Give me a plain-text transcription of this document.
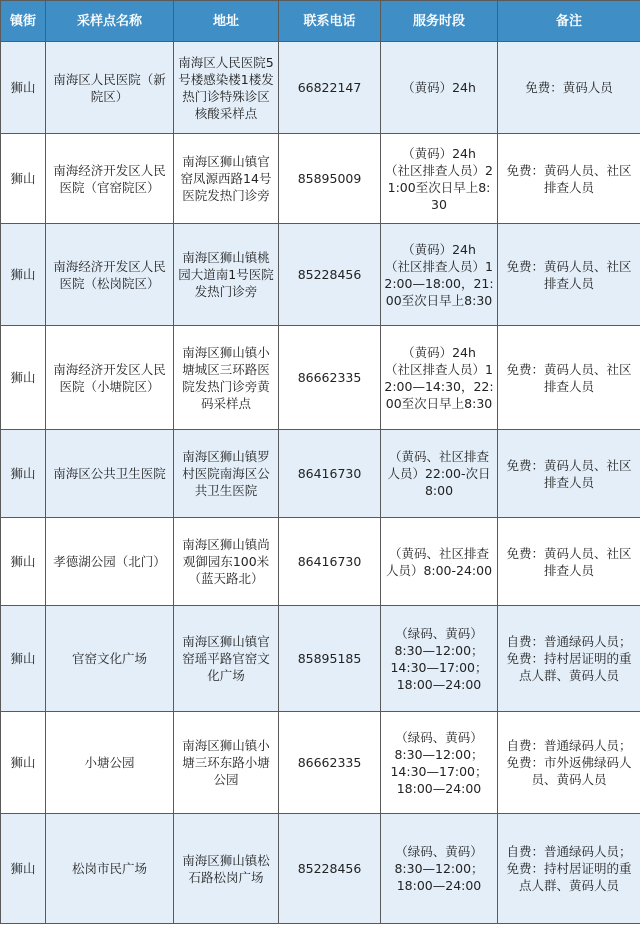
镇街	采样点名称	地址	联系电话	服务时段	备注
狮山	南海区人民医院（新院区）	南海区人民医院5号楼感染楼1楼发热门诊特殊诊区核酸采样点	66822147	（黄码）24h	免费：黄码人员

狮山	南海经济开发区人民医院（官窑院区）	南海区狮山镇官窑凤源西路14号医院发热门诊旁	85895009	（黄码）24h
（社区排查人员）21:00至次日早上8:30	免费：黄码人员、社区排查人员

狮山	南海经济开发区人民医院（松岗院区）	南海区狮山镇桃园大道南1号医院发热门诊旁	85228456	（黄码）24h
（社区排查人员）12:00—18:00，21:00至次日早上8:30	免费：黄码人员、社区排查人员

狮山	南海经济开发区人民医院（小塘院区）	南海区狮山镇小塘城区三环路医院发热门诊旁黄码采样点	86662335	（黄码）24h
（社区排查人员）12:00—14:30，22:00至次日早上8:30	免费：黄码人员、社区排查人员

狮山	南海区公共卫生医院	南海区狮山镇罗村医院南海区公共卫生医院	86416730	（黄码、社区排查人员）22:00-次日8:00	免费：黄码人员、社区排查人员

狮山	孝德湖公园（北门）	南海区狮山镇尚观御园东100米（蓝天路北）	86416730	（黄码、社区排查人员）8:00-24:00	免费：黄码人员、社区排查人员

狮山	官窑文化广场	南海区狮山镇官窑瑶平路官窑文化广场	85895185	（绿码、黄码）
8:30—12:00；
14:30—17:00；
18:00—24:00	自费：普通绿码人员；
免费：持村居证明的重点人群、黄码人员

狮山	小塘公园	南海区狮山镇小塘三环东路小塘公园	86662335	（绿码、黄码）
8:30—12:00；
14:30—17:00；
18:00—24:00	自费：普通绿码人员；
免费：市外返佛绿码人员、黄码人员

狮山	松岗市民广场	南海区狮山镇松石路松岗广场	85228456	（绿码、黄码）
8:30—12:00；
18:00—24:00	自费：普通绿码人员；
免费：持村居证明的重点人群、黄码人员
